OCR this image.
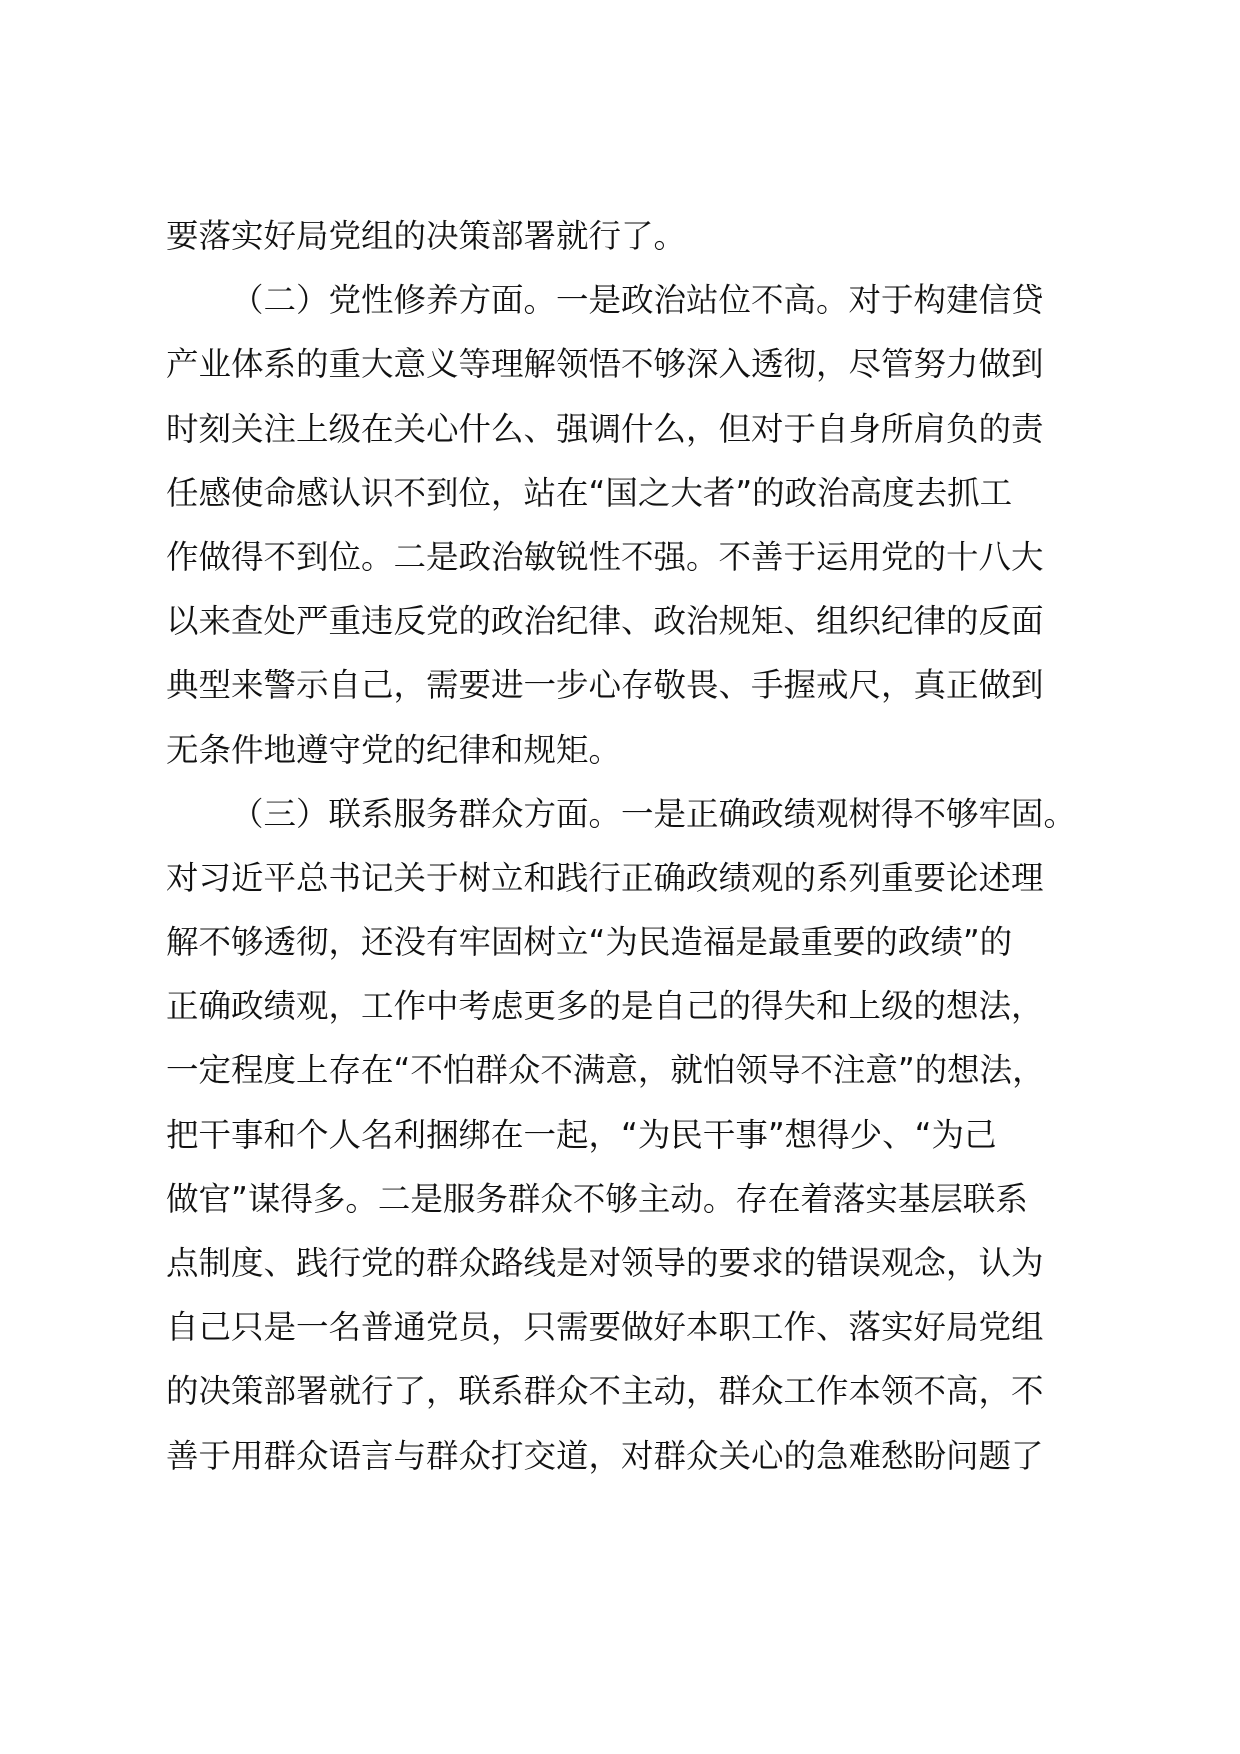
要落实好局党组的决策部署就行了。
（二）党性修养方面。一是政治站位不高。对于构建信贷
产业体系的重大意义等理解领悟不够深入透彻，尽管努力做到
时刻关注上级在关心什么、强调什么，但对于自身所肩负的责
任感使命感认识不到位，站在“国之大者”的政治高度去抓工
作做得不到位。二是政治敏锐性不强。不善于运用党的十八大
以来查处严重违反党的政治纪律、政治规矩、组织纪律的反面
典型来警示自己，需要进一步心存敬畏、手握戒尺，真正做到
无条件地遵守党的纪律和规矩。
（三）联系服务群众方面。一是正确政绩观树得不够牢固。
对习近平总书记关于树立和践行正确政绩观的系列重要论述理
解不够透彻，还没有牢固树立“为民造福是最重要的政绩”的
正确政绩观，工作中考虑更多的是自己的得失和上级的想法，
一定程度上存在“不怕群众不满意，就怕领导不注意”的想法，
把干事和个人名利捆绑在一起，“为民干事”想得少、“为己
做官”谋得多。二是服务群众不够主动。存在着落实基层联系
点制度、践行党的群众路线是对领导的要求的错误观念，认为
自己只是一名普通党员，只需要做好本职工作、落实好局党组
的决策部署就行了，联系群众不主动，群众工作本领不高，不
善于用群众语言与群众打交道，对群众关心的急难愁盼问题了
